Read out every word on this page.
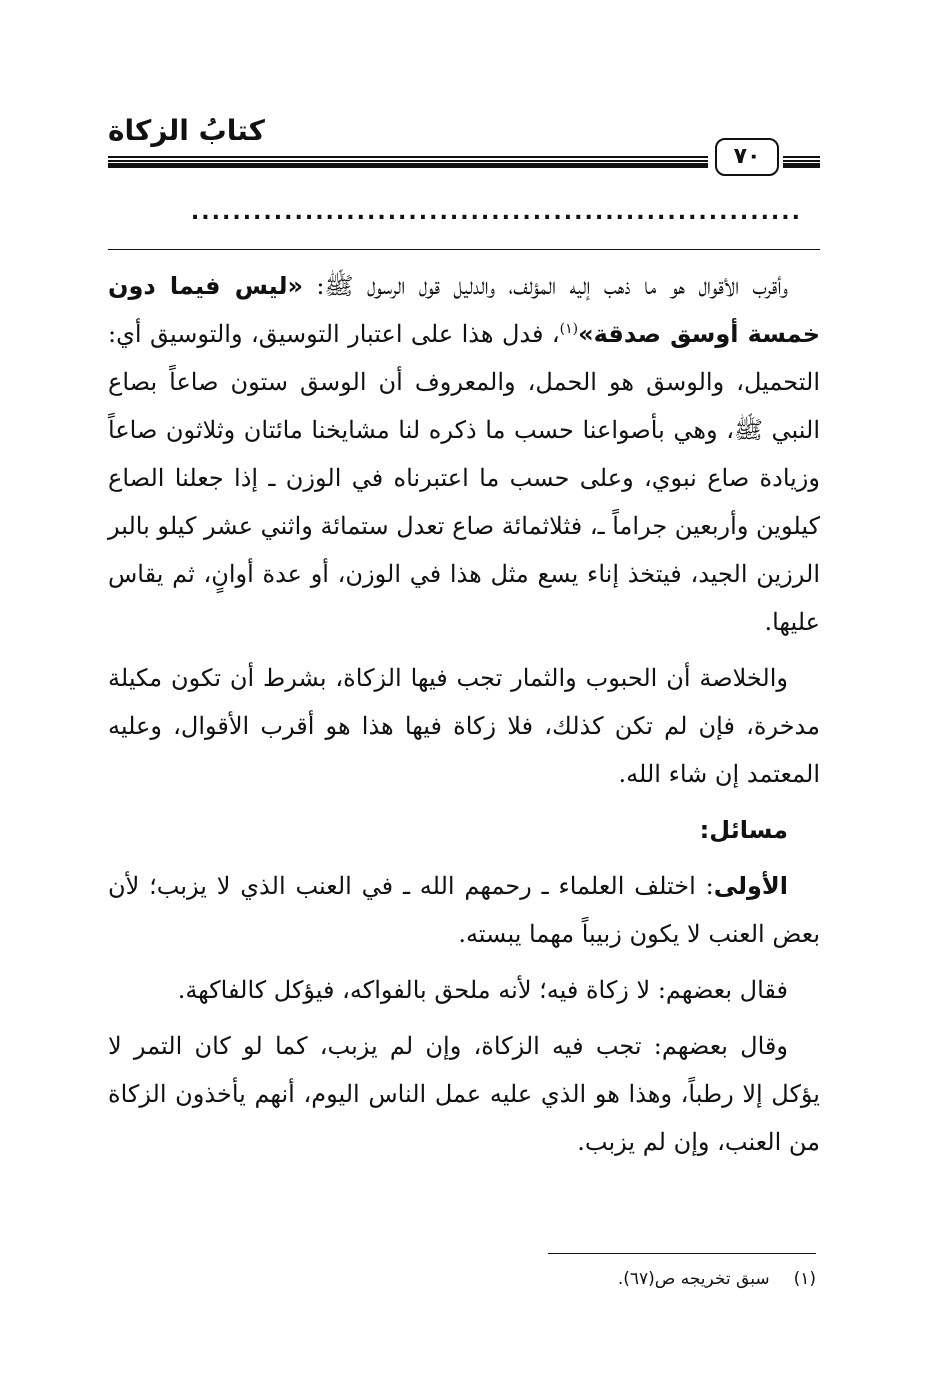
كتابُ الزكاة
٧٠
...........................................................

وأقرب الأقوال هو ما ذهب إليه المؤلف، والدليل قول الرسول ﷺ: «ليس فيما دون خمسة أوسق صدقة»$^{(١)}$، فدل هذا على اعتبار التوسيق، والتوسيق أي: التحميل، والوسق هو الحمل، والمعروف أن الوسق ستون صاعاً بصاع النبي ﷺ، وهي بأصواعنا حسب ما ذكره لنا مشايخنا مائتان وثلاثون صاعاً وزيادة صاع نبوي، وعلى حسب ما اعتبرناه في الوزن ـ إذا جعلنا الصاع كيلوين وأربعين جراماً ـ، فثلاثمائة صاع تعدل ستمائة واثني عشر كيلو بالبر الرزين الجيد، فيتخذ إناء يسع مثل هذا في الوزن، أو عدة أوانٍ، ثم يقاس عليها.

والخلاصة أن الحبوب والثمار تجب فيها الزكاة، بشرط أن تكون مكيلة مدخرة، فإن لم تكن كذلك، فلا زكاة فيها هذا هو أقرب الأقوال، وعليه المعتمد إن شاء الله.

مسائل:

الأولى: اختلف العلماء ـ رحمهم الله ـ في العنب الذي لا يزبب؛ لأن بعض العنب لا يكون زبيباً مهما يبسته.

فقال بعضهم: لا زكاة فيه؛ لأنه ملحق بالفواكه، فيؤكل كالفاكهة.

وقال بعضهم: تجب فيه الزكاة، وإن لم يزبب، كما لو كان التمر لا يؤكل إلا رطباً، وهذا هو الذي عليه عمل الناس اليوم، أنهم يأخذون الزكاة من العنب، وإن لم يزبب.

(١)سبق تخريجه ص(٦٧).
